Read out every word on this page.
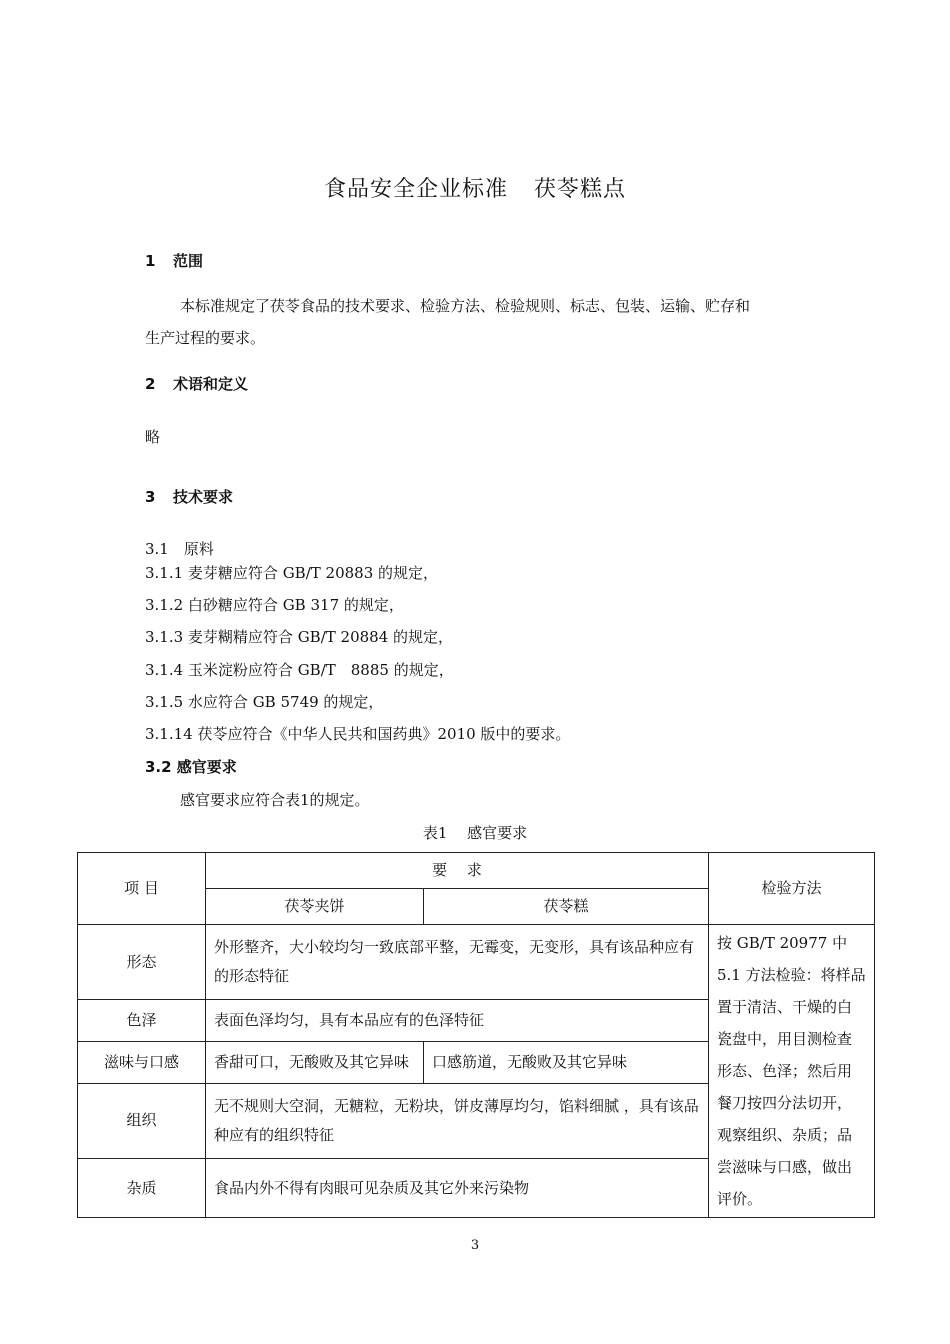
食品安全企业标准 茯苓糕点
1 范围
本标准规定了茯苓食品的技术要求、检验方法、检验规则、标志、包装、运输、贮存和
生产过程的要求。
2 术语和定义
略
3 技术要求
3.1　原料
3.1.1 麦芽糖应符合 GB/T 20883 的规定，
3.1.2 白砂糖应符合 GB 317 的规定，
3.1.3 麦芽糊精应符合 GB/T 20884 的规定，
3.1.4 玉米淀粉应符合 GB/T　8885 的规定，
3.1.5 水应符合 GB 5749 的规定，
3.1.14 茯苓应符合《中华人民共和国药典》2010 版中的要求。
3.2 感官要求
感官要求应符合表1的规定。
表1　 感官要求
项 目	要　 求		检验方法
	茯苓夹饼	茯苓糕	
形态	外形整齐，大小较均匀一致底部平整，无霉变，无变形，具有该品种应有的形态特征		按 GB/T 20977 中 5.1 方法检验：将样品置于清洁、干燥的白瓷盘中，用目测检查形态、色泽；然后用餐刀按四分法切开，观察组织、杂质；品尝滋味与口感，做出评价。
色泽	表面色泽均匀，具有本品应有的色泽特征		
滋味与口感	香甜可口，无酸败及其它异味	口感筋道，无酸败及其它异味	
组织	无不规则大空洞，无糖粒，无粉块，饼皮薄厚均匀，馅料细腻 ，具有该品种应有的组织特征		
杂质	食品内外不得有肉眼可见杂质及其它外来污染物		
3
